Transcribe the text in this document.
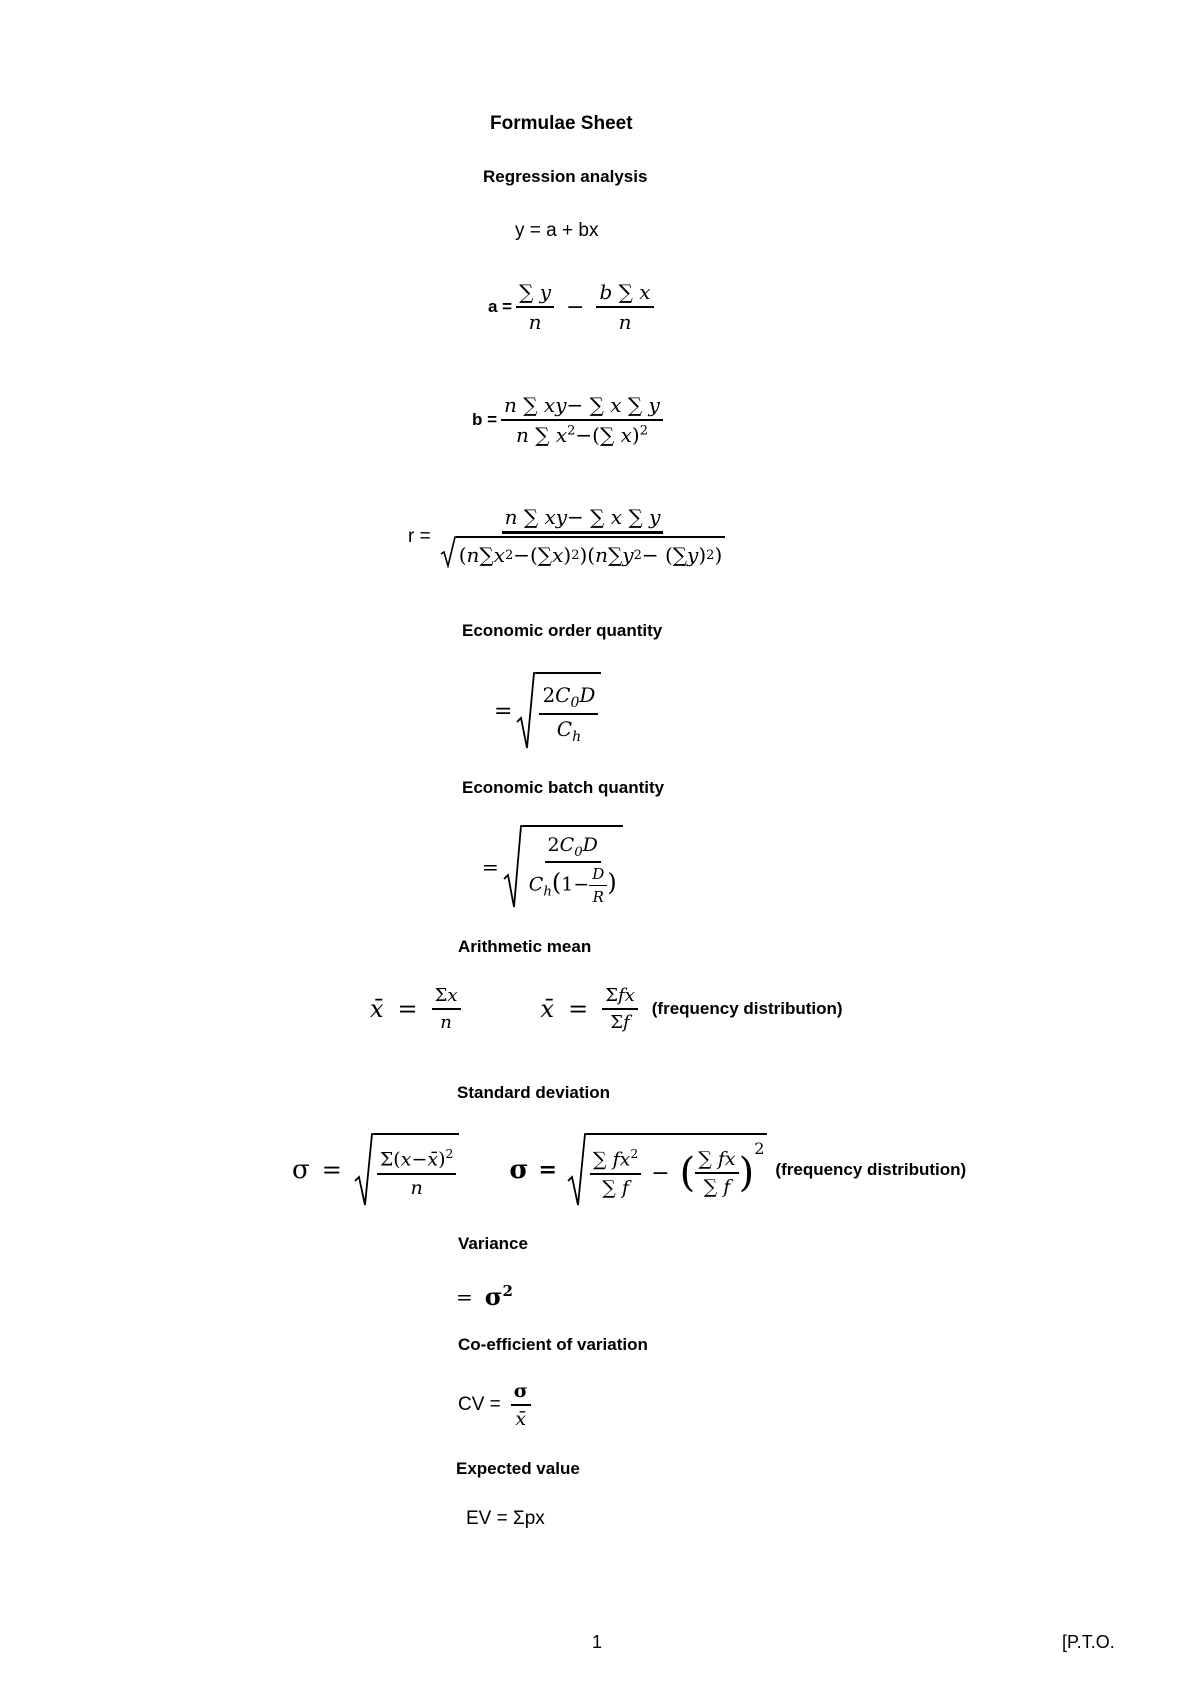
Formulae Sheet
Regression analysis
y = a + bx
$a = \frac{\sum y}{n} - \frac{b \sum x}{n}$
$b = \frac{n \sum xy- \sum x \sum y}{n \sum x^2-(\sum x)^2}$
$r = \frac{n \sum xy- \sum x \sum y}{( n \sum x 2 -(\sum x ) 2 )( n \sum y 2 - (\sum y ) 2 )}$
Economic order quantity
= $\frac{2C_0D}{C_h}$
Economic batch quantity
= $\frac{2C_0D}{C_h(1- \frac{D}{R} )}$
Arithmetic mean
x̄ = $\frac{\Sigma x}{n}$	x̄ = $\frac{\text{Σfx}}{\Sigma f}$ (frequency distribution)
Standard deviation
$\sigma = \frac{\Sigma(x-x̄)^2}{n}$ $\sigma = \frac{\sum fx^2}{\sum f}$ − ( $\frac{\sum fx}{\sum f}$ )
2
(frequency distribution)
Variance
= $\sigma^2$
Co-efficient of variation
CV = $\frac{\sigma}{x̄}$
Expected value
EV = Σpx
1	[P.T.O.
